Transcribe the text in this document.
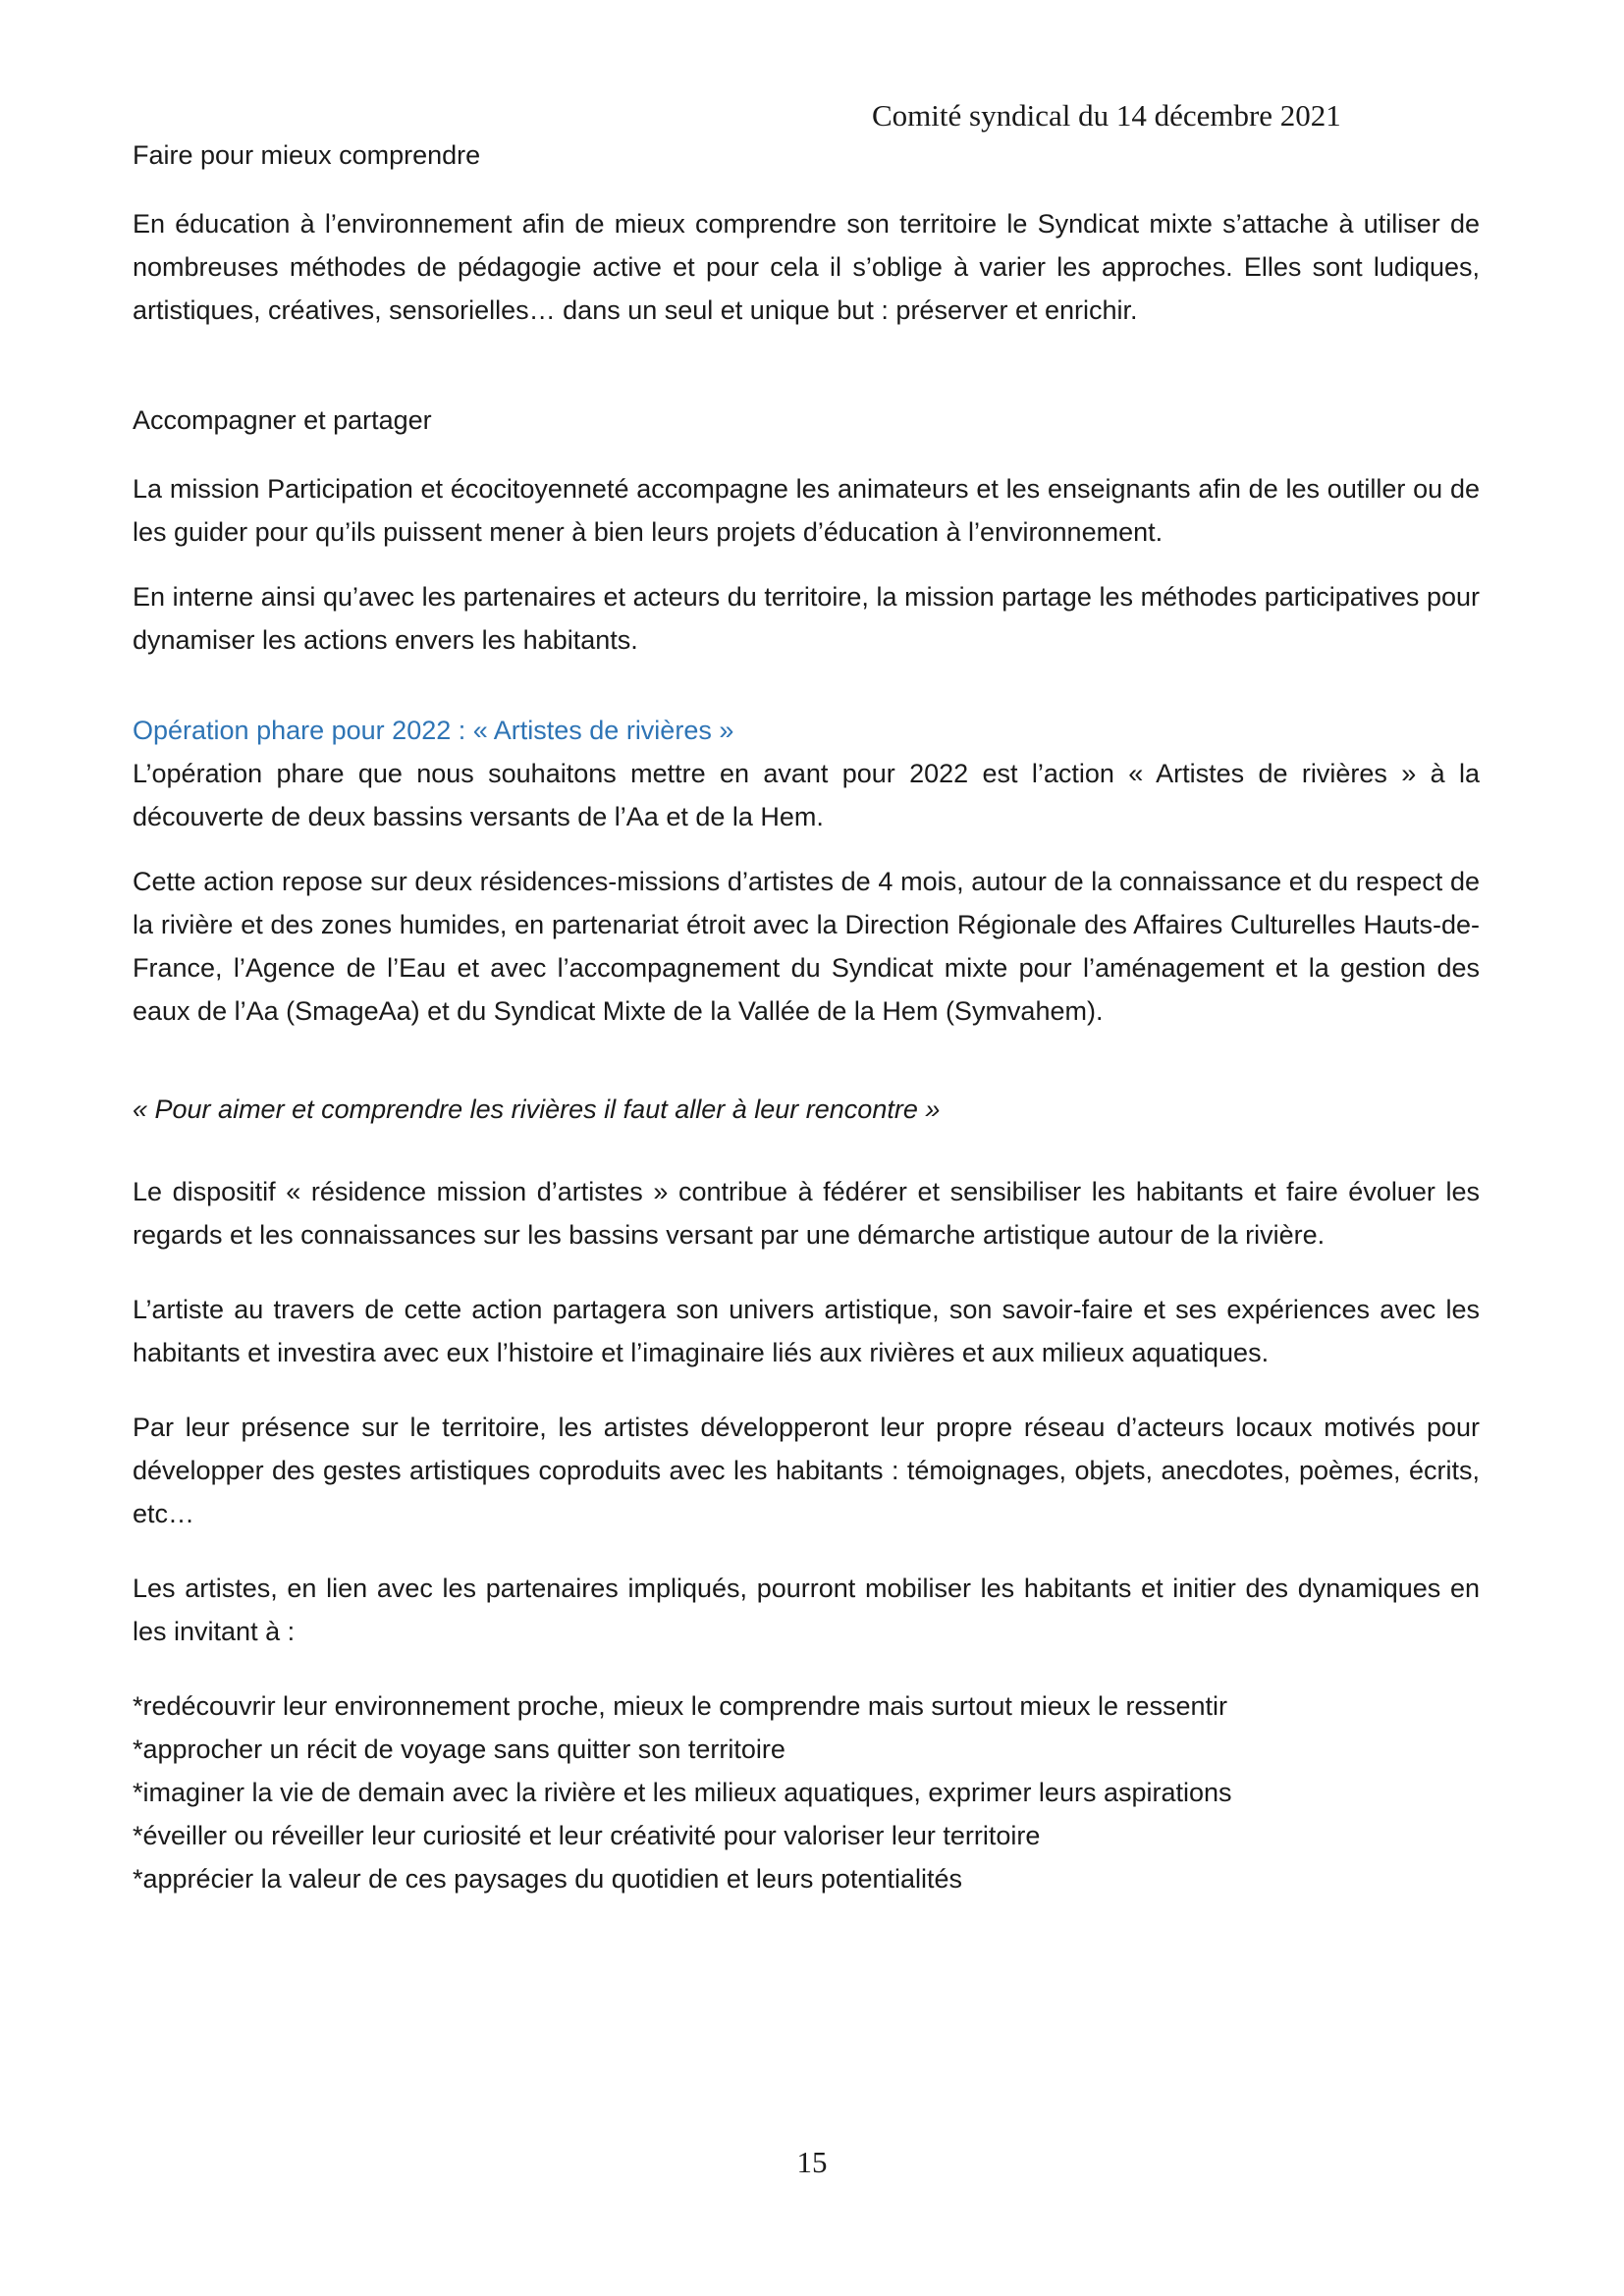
Comité syndical du 14 décembre 2021
Faire pour mieux comprendre

En éducation à l’environnement afin de mieux comprendre son territoire le Syndicat mixte s’attache à utiliser de nombreuses méthodes de pédagogie active et pour cela il s’oblige à varier les approches. Elles sont ludiques, artistiques, créatives, sensorielles… dans un seul et unique but : préserver et enrichir.

Accompagner et partager

La mission Participation et écocitoyenneté accompagne les animateurs et les enseignants afin de les outiller ou de les guider pour qu’ils puissent mener à bien leurs projets d’éducation à l’environnement.

En interne ainsi qu’avec les partenaires et acteurs du territoire, la mission partage les méthodes participatives pour dynamiser les actions envers les habitants.

Opération phare pour 2022 : « Artistes de rivières »

L’opération phare que nous souhaitons mettre en avant pour 2022 est l’action « Artistes de rivières » à la découverte de deux bassins versants de l’Aa et de la Hem.

Cette action repose sur deux résidences-missions d’artistes de 4 mois, autour de la connaissance et du respect de la rivière et des zones humides, en partenariat étroit avec la Direction Régionale des Affaires Culturelles Hauts-de-France, l’Agence de l’Eau et avec l’accompagnement du Syndicat mixte pour l’aménagement et la gestion des eaux de l’Aa (SmageAa) et du Syndicat Mixte de la Vallée de la Hem (Symvahem).

« Pour aimer et comprendre les rivières il faut aller à leur rencontre »

Le dispositif « résidence mission d’artistes » contribue à fédérer et sensibiliser les habitants et faire évoluer les regards et les connaissances sur les bassins versant par une démarche artistique autour de la rivière.

L’artiste au travers de cette action partagera son univers artistique, son savoir-faire et ses expériences avec les habitants et investira avec eux l’histoire et l’imaginaire liés aux rivières et aux milieux aquatiques.

Par leur présence sur le territoire, les artistes développeront leur propre réseau d’acteurs locaux motivés pour développer des gestes artistiques coproduits avec les habitants : témoignages, objets, anecdotes, poèmes, écrits, etc…

Les artistes, en lien avec les partenaires impliqués, pourront mobiliser les habitants et initier des dynamiques en les invitant à :

*redécouvrir leur environnement proche, mieux le comprendre mais surtout mieux le ressentir

*approcher un récit de voyage sans quitter son territoire

*imaginer la vie de demain avec la rivière et les milieux aquatiques, exprimer leurs aspirations

*éveiller ou réveiller leur curiosité et leur créativité pour valoriser leur territoire

*apprécier la valeur de ces paysages du quotidien et leurs potentialités

15
